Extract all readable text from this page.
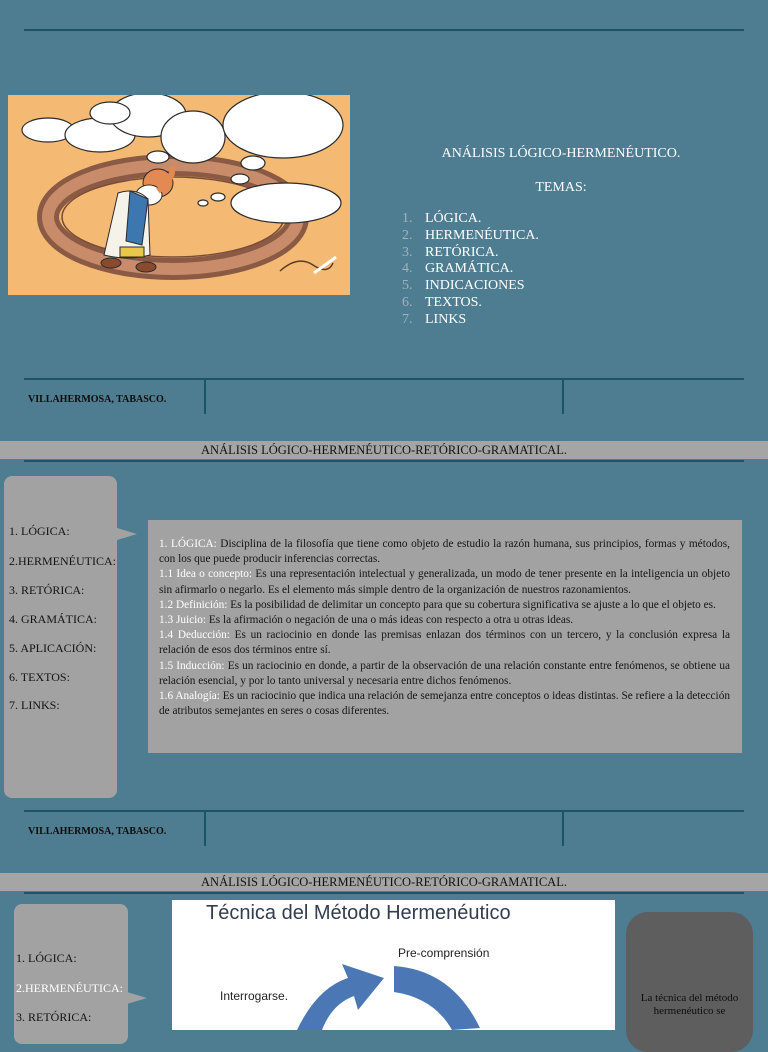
ANÁLISIS LÓGICO-HERMENÉUTICO.
TEMAS:
1. LÓGICA.
2. HERMENÉUTICA.
3. RETÓRICA.
4. GRAMÁTICA.
5. INDICACIONES
6. TEXTOS.
7. LINKS
VILLAHERMOSA, TABASCO.
ANÁLISIS LÓGICO-HERMENÉUTICO-RETÓRICO-GRAMATICAL.
1. LÓGICA:
2.HERMENÉUTICA:
3. RETÓRICA:
4. GRAMÁTICA:
5. APLICACIÓN:
6. TEXTOS:
7. LINKS:
1. LÓGICA: Disciplina de la filosofía que tiene como objeto de estudio la razón humana, sus principios, formas y métodos, con los que puede producir inferencias correctas.
1.1 Idea o concepto: Es una representación intelectual y generalizada, un modo de tener presente en la inteligencia un objeto sin afirmarlo o negarlo. Es el elemento más simple dentro de la organización de nuestros razonamientos.
1.2 Definición: Es la posibilidad de delimitar un concepto para que su cobertura significativa se ajuste a lo que el objeto es.
1.3 Juicio: Es la afirmación o negación de una o más ideas con respecto a otra u otras ideas.
1.4 Deducción: Es un raciocinio en donde las premisas enlazan dos términos con un tercero, y la conclusión expresa la relación de esos dos términos entre sí.
1.5 Inducción: Es un raciocinio en donde, a partir de la observación de una relación constante entre fenómenos, se obtiene ua relación esencial, y por lo tanto universal y necesaria entre dichos fenómenos.
1.6 Analogía: Es un raciocinio que indica una relación de semejanza entre conceptos o ideas distintas. Se refiere a la detección de atributos semejantes en seres o cosas diferentes.
VILLAHERMOSA, TABASCO.
ANÁLISIS LÓGICO-HERMENÉUTICO-RETÓRICO-GRAMATICAL.
1. LÓGICA:
2.HERMENÉUTICA:
3. RETÓRICA:
Técnica del Método Hermenéutico
Pre-comprensión
Interrogarse.	La técnica del método hermenéutico se
